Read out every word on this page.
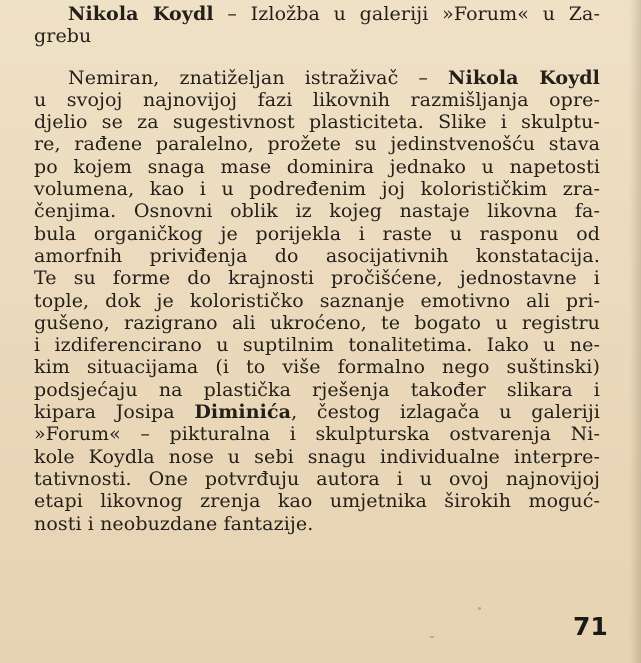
Nikola Koydl – Izložba u galeriji »Forum« u Za-
grebu
Nemiran, znatiželjan istraživač – Nikola Koydl
u svojoj najnovijoj fazi likovnih razmišljanja opre-
djelio se za sugestivnost plasticiteta. Slike i skulptu-
re, rađene paralelno, prožete su jedinstvenošću stava
po kojem snaga mase dominira jednako u napetosti
volumena, kao i u podređenim joj kolorističkim zra-
čenjima. Osnovni oblik iz kojeg nastaje likovna fa-
bula organičkog je porijekla i raste u rasponu od
amorfnih priviđenja do asocijativnih konstatacija.
Te su forme do krajnosti pročišćene, jednostavne i
tople, dok je kolorističko saznanje emotivno ali pri-
gušeno, razigrano ali ukroćeno, te bogato u registru
i izdiferencirano u suptilnim tonalitetima. Iako u ne-
kim situacijama (i to više formalno nego suštinski)
podsjećaju na plastička rješenja također slikara i
kipara Josipa Diminića, čestog izlagača u galeriji
»Forum« – pikturalna i skulpturska ostvarenja Ni-
kole Koydla nose u sebi snagu individualne interpre-
tativnosti. One potvrđuju autora i u ovoj najnovijoj
etapi likovnog zrenja kao umjetnika širokih moguć-
nosti i neobuzdane fantazije.
71
